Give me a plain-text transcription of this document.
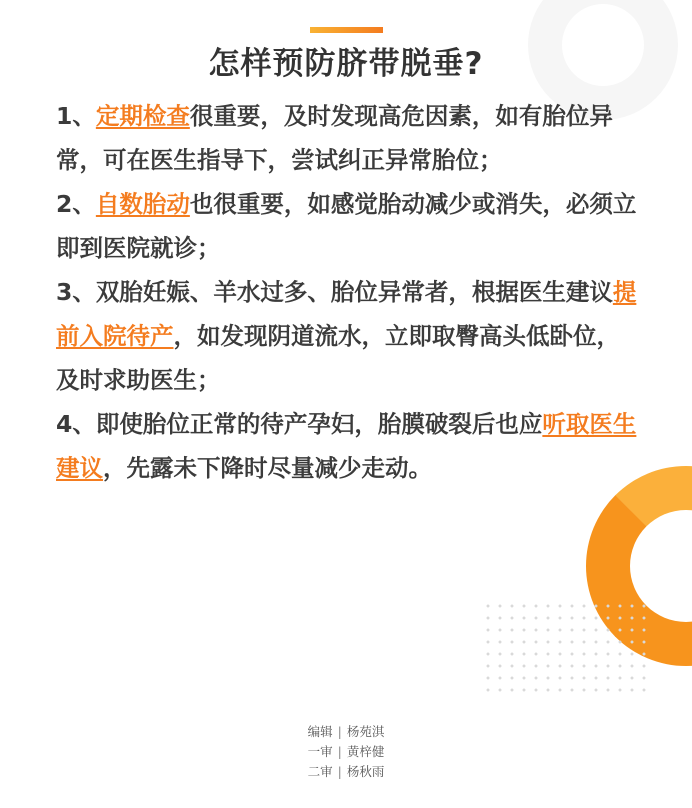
怎样预防脐带脱垂?

1、定期检查很重要，及时发现高危因素，如有胎位异常，可在医生指导下，尝试纠正异常胎位；

2、自数胎动也很重要，如感觉胎动减少或消失，必须立即到医院就诊；

3、双胎妊娠、羊水过多、胎位异常者，根据医生建议提前入院待产，如发现阴道流水，立即取臀高头低卧位，及时求助医生；

4、即使胎位正常的待产孕妇，胎膜破裂后也应听取医生建议，先露未下降时尽量减少走动。

编辑 | 杨苑淇
一审 | 黄梓健
二审 | 杨秋雨
